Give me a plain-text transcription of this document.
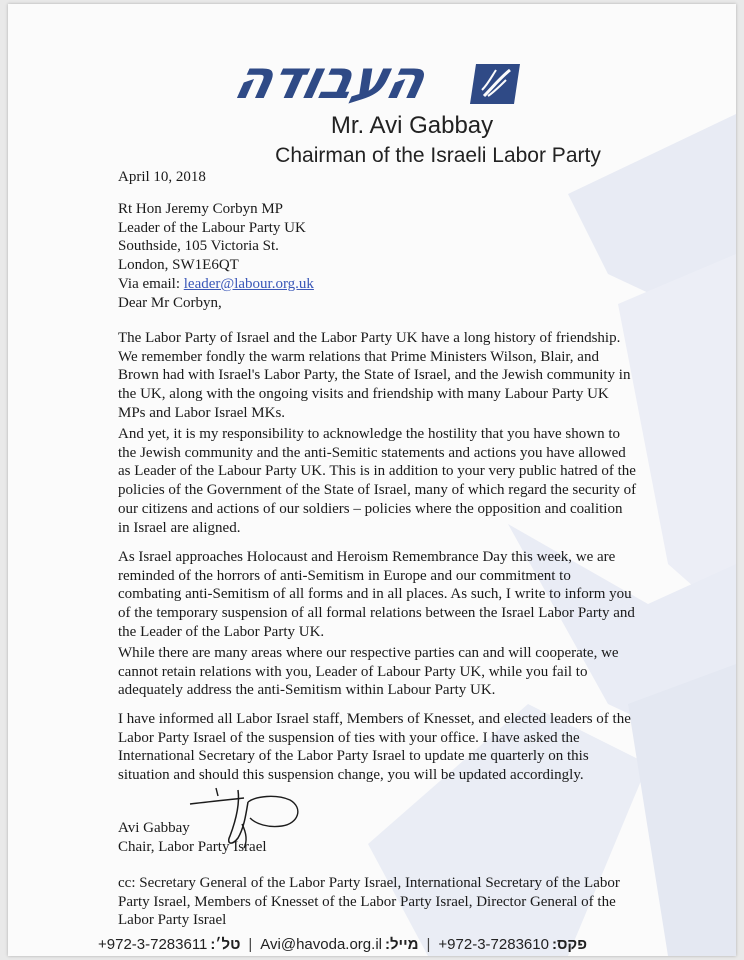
העבודה
Mr. Avi Gabbay
Chairman of the Israeli Labor Party
April 10, 2018
Rt Hon Jeremy Corbyn MP
Leader of the Labour Party UK
Southside, 105 Victoria St.
London, SW1E6QT
Via email: leader@labour.org.uk
Dear Mr Corbyn,
The Labor Party of Israel and the Labor Party UK have a long history of friendship.
We remember fondly the warm relations that Prime Ministers Wilson, Blair, and
Brown had with Israel's Labor Party, the State of Israel, and the Jewish community in
the UK, along with the ongoing visits and friendship with many Labour Party UK
MPs and Labor Israel MKs.
And yet, it is my responsibility to acknowledge the hostility that you have shown to
the Jewish community and the anti-Semitic statements and actions you have allowed
as Leader of the Labour Party UK. This is in addition to your very public hatred of the
policies of the Government of the State of Israel, many of which regard the security of
our citizens and actions of our soldiers – policies where the opposition and coalition
in Israel are aligned.
As Israel approaches Holocaust and Heroism Remembrance Day this week, we are
reminded of the horrors of anti-Semitism in Europe and our commitment to
combating anti-Semitism of all forms and in all places. As such, I write to inform you
of the temporary suspension of all formal relations between the Israel Labor Party and
the Leader of the Labor Party UK.
While there are many areas where our respective parties can and will cooperate, we
cannot retain relations with you, Leader of Labour Party UK, while you fail to
adequately address the anti-Semitism within Labour Party UK.
I have informed all Labor Israel staff, Members of Knesset, and elected leaders of the
Labor Party Israel of the suspension of ties with your office. I have asked the
International Secretary of the Labor Party Israel to update me quarterly on this
situation and should this suspension change, you will be updated accordingly.
Avi Gabbay
Chair, Labor Party Israel
cc: Secretary General of the Labor Party Israel, International Secretary of the Labor
Party Israel, Members of Knesset of the Labor Party Israel, Director General of the
Labor Party Israel
+972-3-7283611 :טל׳ | Avi@havoda.org.il :מייל | +972-3-7283610 :פקס
